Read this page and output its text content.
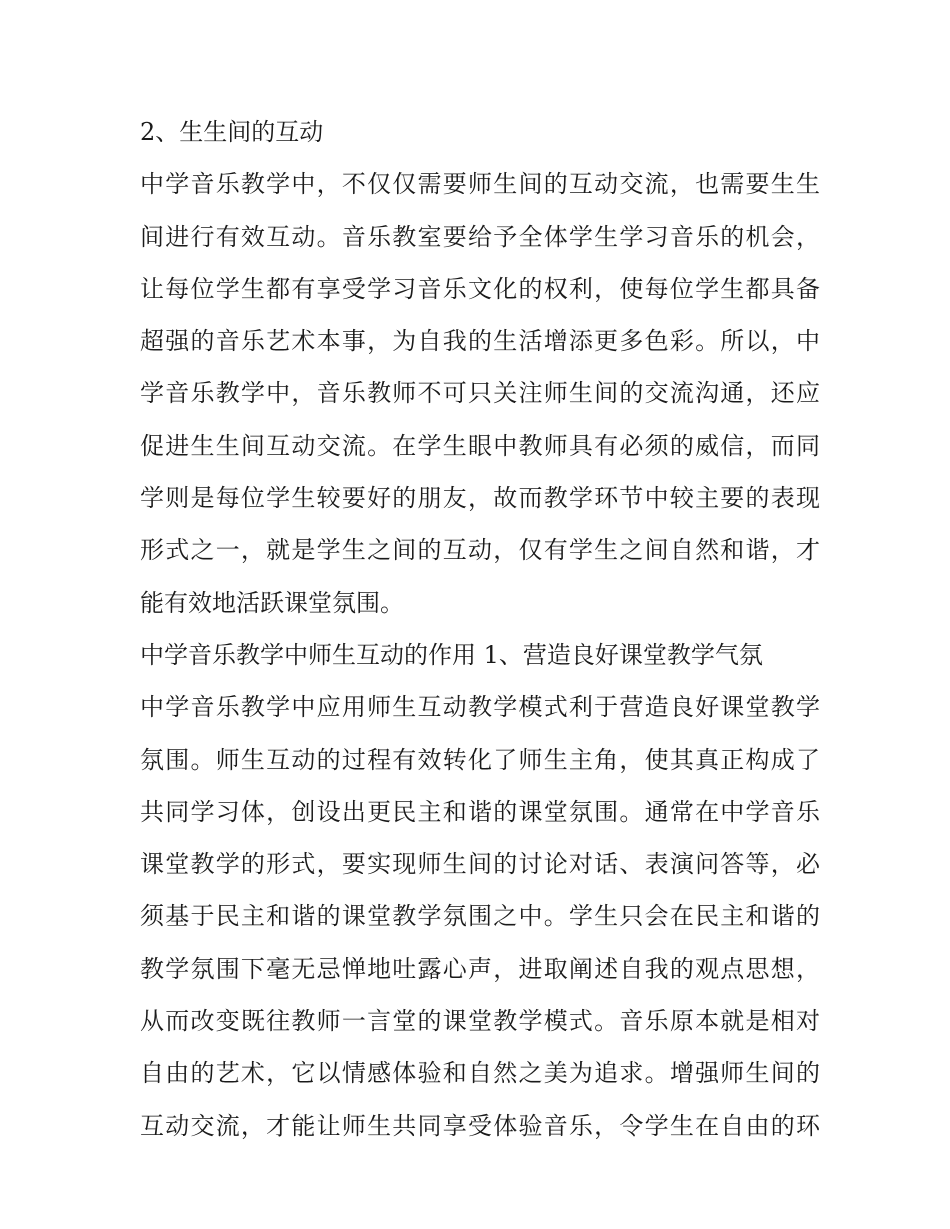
2、生生间的互动
中学音乐教学中，不仅仅需要师生间的互动交流，也需要生生
间进行有效互动。音乐教室要给予全体学生学习音乐的机会，
让每位学生都有享受学习音乐文化的权利，使每位学生都具备
超强的音乐艺术本事，为自我的生活增添更多色彩。所以，中
学音乐教学中，音乐教师不可只关注师生间的交流沟通，还应
促进生生间互动交流。在学生眼中教师具有必须的威信，而同
学则是每位学生较要好的朋友，故而教学环节中较主要的表现
形式之一，就是学生之间的互动，仅有学生之间自然和谐，才
能有效地活跃课堂氛围。
中学音乐教学中师生互动的作用 1、营造良好课堂教学气氛
中学音乐教学中应用师生互动教学模式利于营造良好课堂教学
氛围。师生互动的过程有效转化了师生主角，使其真正构成了
共同学习体，创设出更民主和谐的课堂氛围。通常在中学音乐
课堂教学的形式，要实现师生间的讨论对话、表演问答等，必
须基于民主和谐的课堂教学氛围之中。学生只会在民主和谐的
教学氛围下毫无忌惮地吐露心声，进取阐述自我的观点思想，
从而改变既往教师一言堂的课堂教学模式。音乐原本就是相对
自由的艺术，它以情感体验和自然之美为追求。增强师生间的
互动交流，才能让师生共同享受体验音乐，令学生在自由的环
